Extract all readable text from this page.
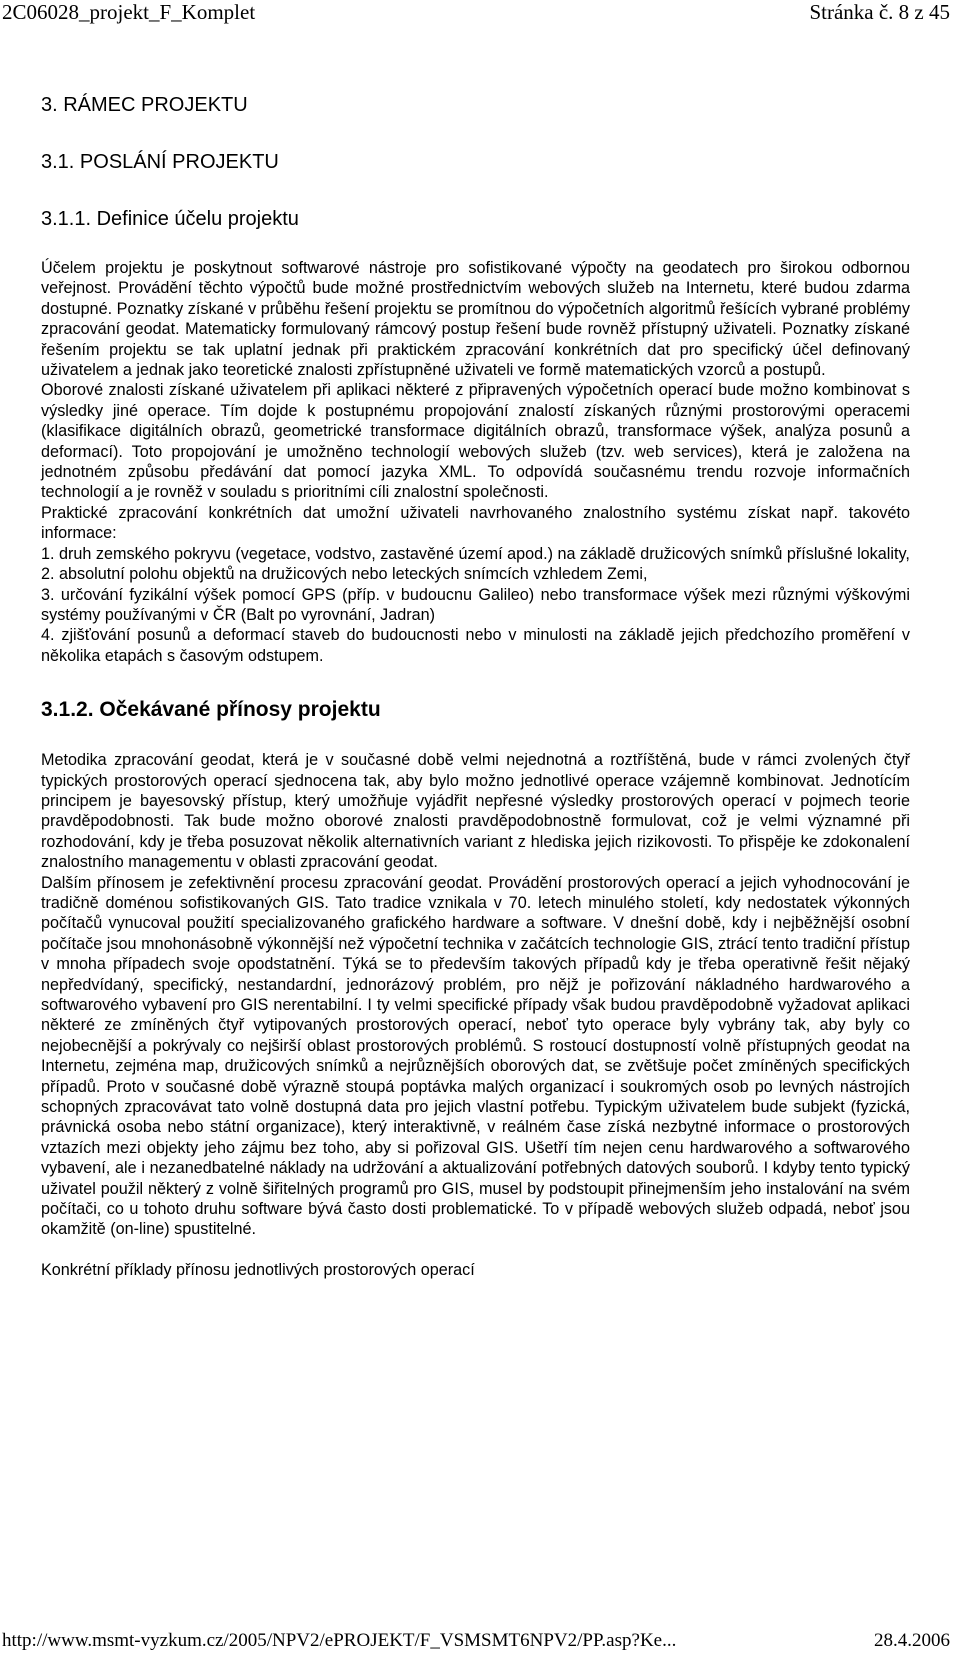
2C06028_projekt_F_Komplet	Stránka č. 8 z 45
3. RÁMEC PROJEKTU
3.1. POSLÁNÍ PROJEKTU
3.1.1. Definice účelu projektu

Účelem projektu je poskytnout softwarové nástroje pro sofistikované výpočty na geodatech pro širokou odbornou veřejnost. Provádění těchto výpočtů bude možné prostřednictvím webových služeb na Internetu, které budou zdarma dostupné. Poznatky získané v průběhu řešení projektu se promítnou do výpočetních algoritmů řešících vybrané problémy zpracování geodat. Matematicky formulovaný rámcový postup řešení bude rovněž přístupný uživateli. Poznatky získané řešením projektu se tak uplatní jednak při praktickém zpracování konkrétních dat pro specifický účel definovaný uživatelem a jednak jako teoretické znalosti zpřístupněné uživateli ve formě matematických vzorců a postupů.

Oborové znalosti získané uživatelem při aplikaci některé z připravených výpočetních operací bude možno kombinovat s výsledky jiné operace. Tím dojde k postupnému propojování znalostí získaných různými prostorovými operacemi (klasifikace digitálních obrazů, geometrické transformace digitálních obrazů, transformace výšek, analýza posunů a deformací). Toto propojování je umožněno technologií webových služeb (tzv. web services), která je založena na jednotném způsobu předávání dat pomocí jazyka XML. To odpovídá současnému trendu rozvoje informačních technologií a je rovněž v souladu s prioritními cíli znalostní společnosti.

Praktické zpracování konkrétních dat umožní uživateli navrhovaného znalostního systému získat např. takovéto informace:

1. druh zemského pokryvu (vegetace, vodstvo, zastavěné území apod.) na základě družicových snímků příslušné lokality,

2. absolutní polohu objektů na družicových nebo leteckých snímcích vzhledem Zemi,

3. určování fyzikální výšek pomocí GPS (příp. v budoucnu Galileo) nebo transformace výšek mezi různými výškovými systémy používanými v ČR (Balt po vyrovnání, Jadran)

4. zjišťování posunů a deformací staveb do budoucnosti nebo v minulosti na základě jejich předchozího proměření v několika etapách s časovým odstupem.

3.1.2. Očekávané přínosy projektu

Metodika zpracování geodat, která je v současné době velmi nejednotná a roztříštěná, bude v rámci zvolených čtyř typických prostorových operací sjednocena tak, aby bylo možno jednotlivé operace vzájemně kombinovat. Jednotícím principem je bayesovský přístup, který umožňuje vyjádřit nepřesné výsledky prostorových operací v pojmech teorie pravděpodobnosti. Tak bude možno oborové znalosti pravděpodobnostně formulovat, což je velmi významné při rozhodování, kdy je třeba posuzovat několik alternativních variant z hlediska jejich rizikovosti. To přispěje ke zdokonalení znalostního managementu v oblasti zpracování geodat.

Dalším přínosem je zefektivnění procesu zpracování geodat. Provádění prostorových operací a jejich vyhodnocování je tradičně doménou sofistikovaných GIS. Tato tradice vznikala v 70. letech minulého století, kdy nedostatek výkonných počítačů vynucoval použití specializovaného grafického hardware a software. V dnešní době, kdy i nejběžnější osobní počítače jsou mnohonásobně výkonnější než výpočetní technika v začátcích technologie GIS, ztrácí tento tradiční přístup v mnoha případech svoje opodstatnění. Týká se to především takových případů kdy je třeba operativně řešit nějaký nepředvídaný, specifický, nestandardní, jednorázový problém, pro nějž je pořizování nákladného hardwarového a softwarového vybavení pro GIS nerentabilní. I ty velmi specifické případy však budou pravděpodobně vyžadovat aplikaci některé ze zmíněných čtyř vytipovaných prostorových operací, neboť tyto operace byly vybrány tak, aby byly co nejobecnější a pokrývaly co nejširší oblast prostorových problémů. S rostoucí dostupností volně přístupných geodat na Internetu, zejména map, družicových snímků a nejrůznějších oborových dat, se zvětšuje počet zmíněných specifických případů. Proto v současné době výrazně stoupá poptávka malých organizací i soukromých osob po levných nástrojích schopných zpracovávat tato volně dostupná data pro jejich vlastní potřebu. Typickým uživatelem bude subjekt (fyzická, právnická osoba nebo státní organizace), který interaktivně, v reálném čase získá nezbytné informace o prostorových vztazích mezi objekty jeho zájmu bez toho, aby si pořizoval GIS. Ušetří tím nejen cenu hardwarového a softwarového vybavení, ale i nezanedbatelné náklady na udržování a aktualizování potřebných datových souborů. I kdyby tento typický uživatel použil některý z volně šiřitelných programů pro GIS, musel by podstoupit přinejmenším jeho instalování na svém počítači, co u tohoto druhu software bývá často dosti problematické. To v případě webových služeb odpadá, neboť jsou okamžitě (on-line) spustitelné.

Konkrétní příklady přínosu jednotlivých prostorových operací

http://www.msmt-vyzkum.cz/2005/NPV2/ePROJEKT/F_VSMSMT6NPV2/PP.asp?Ke...	28.4.2006
